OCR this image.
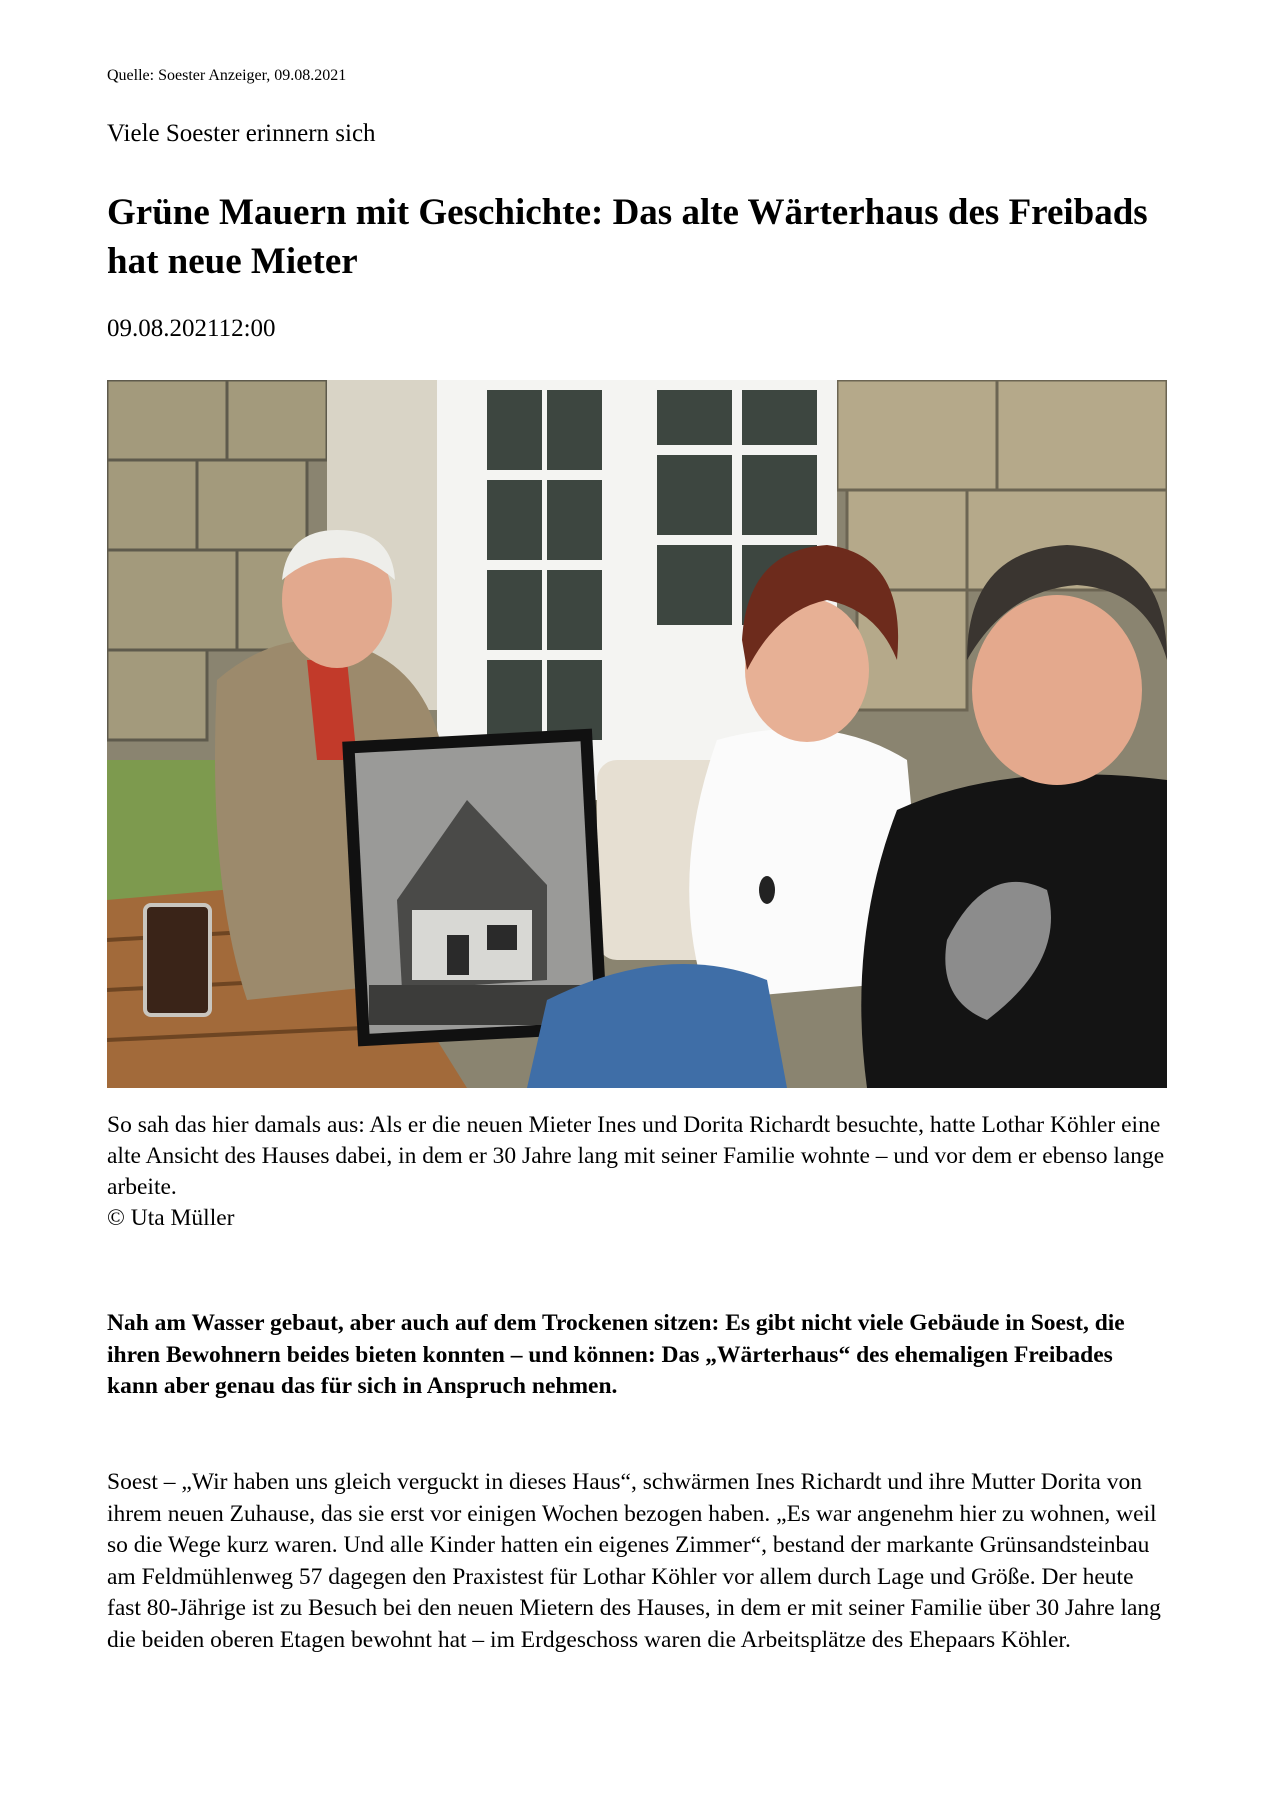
Quelle: Soester Anzeiger, 09.08.2021
Viele Soester erinnern sich
Grüne Mauern mit Geschichte: Das alte Wärterhaus des Freibads hat neue Mieter
09.08.202112:00
So sah das hier damals aus: Als er die neuen Mieter Ines und Dorita Richardt besuchte, hatte Lothar Köhler eine alte Ansicht des Hauses dabei, in dem er 30 Jahre lang mit seiner Familie wohnte – und vor dem er ebenso lange arbeite.
© Uta Müller

Nah am Wasser gebaut, aber auch auf dem Trockenen sitzen: Es gibt nicht viele Gebäude in Soest, die ihren Bewohnern beides bieten konnten – und können: Das „Wärterhaus“ des ehemaligen Freibades kann aber genau das für sich in Anspruch nehmen.

Soest – „Wir haben uns gleich verguckt in dieses Haus“, schwärmen Ines Richardt und ihre Mutter Dorita von ihrem neuen Zuhause, das sie erst vor einigen Wochen bezogen haben. „Es war angenehm hier zu wohnen, weil so die Wege kurz waren. Und alle Kinder hatten ein eigenes Zimmer“, bestand der markante Grünsandsteinbau am Feldmühlenweg 57 dagegen den Praxistest für Lothar Köhler vor allem durch Lage und Größe. Der heute fast 80-Jährige ist zu Besuch bei den neuen Mietern des Hauses, in dem er mit seiner Familie über 30 Jahre lang die beiden oberen Etagen bewohnt hat – im Erdgeschoss waren die Arbeitsplätze des Ehepaars Köhler.
